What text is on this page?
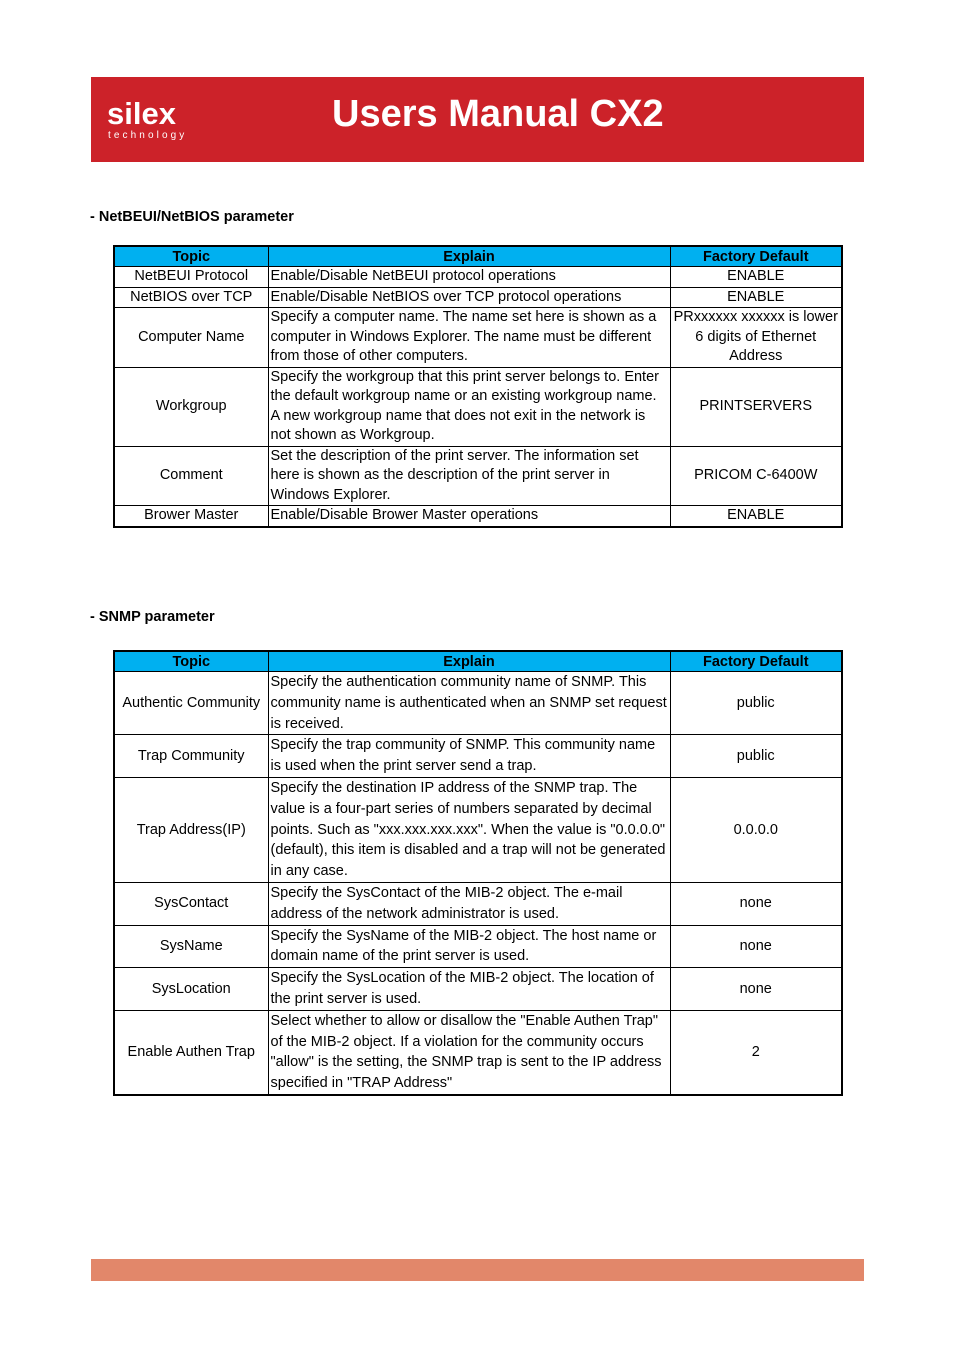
silex
technology
Users Manual CX2
- NetBEUI/NetBIOS parameter
Topic	Explain	Factory Default
NetBEUI Protocol	Enable/Disable NetBEUI protocol operations	ENABLE
NetBIOS over TCP	Enable/Disable NetBIOS over TCP protocol operations	ENABLE
Computer Name	Specify a computer name. The name set here is shown as a computer in Windows Explorer. The name must be different from those of other computers.	PRxxxxxx xxxxxx is lower 6 digits of Ethernet Address
Workgroup	Specify the workgroup that this print server belongs to. Enter the default workgroup name or an existing workgroup name. A new workgroup name that does not exit in the network is not shown as Workgroup.	PRINTSERVERS
Comment	Set the description of the print server. The information set here is shown as the description of the print server in Windows Explorer.	PRICOM C-6400W
Brower Master	Enable/Disable Brower Master operations	ENABLE
- SNMP parameter
Topic	Explain	Factory Default
Authentic Community	Specify the authentication community name of SNMP. This community name is authenticated when an SNMP set request is received.	public
Trap Community	Specify the trap community of SNMP. This community name is used when the print server send a trap.	public
Trap Address(IP)	Specify the destination IP address of the SNMP trap. The value is a four-part series of numbers separated by decimal points. Such as "xxx.xxx.xxx.xxx". When the value is "0.0.0.0"(default), this item is disabled and a trap will not be generated in any case.	0.0.0.0
SysContact	Specify the SysContact of the MIB-2 object. The e-mail address of the network administrator is used.	none
SysName	Specify the SysName of the MIB-2 object. The host name or domain name of the print server is used.	none
SysLocation	Specify the SysLocation of the MIB-2 object. The location of the print server is used.	none
Enable Authen Trap	Select whether to allow or disallow the "Enable Authen Trap" of the MIB-2 object. If a violation for the community occurs "allow" is the setting, the SNMP trap is sent to the IP address specified in "TRAP Address"	2
